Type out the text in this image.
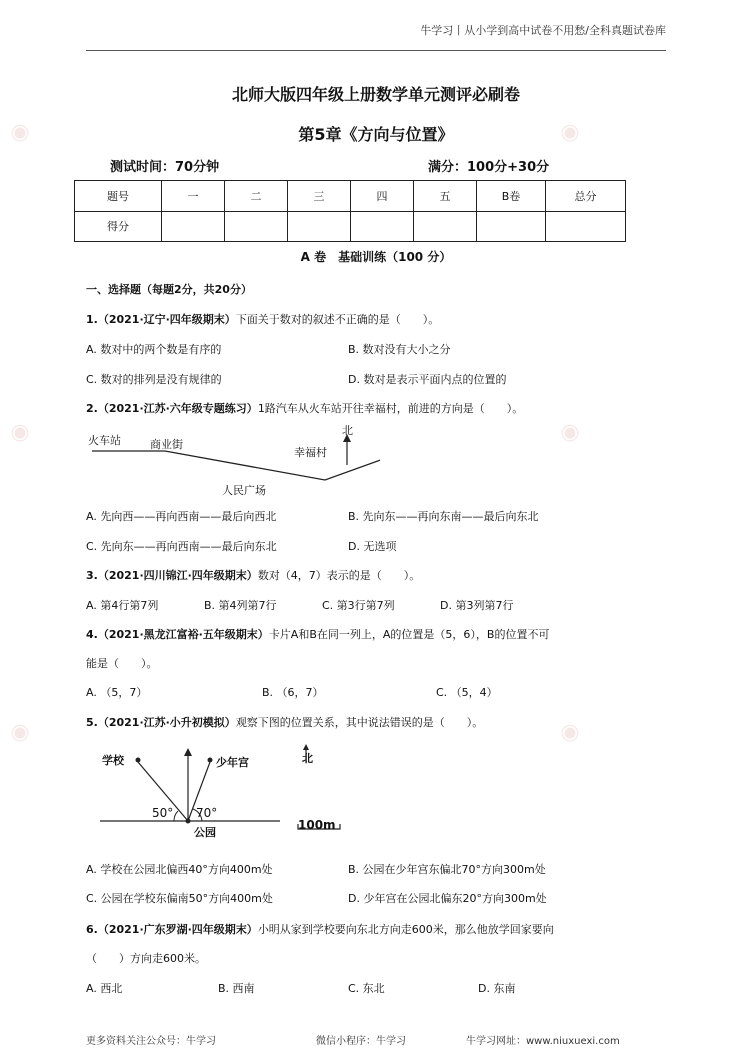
◉	◉
◉	◉
◉	◉
牛学习丨从小学到高中试卷不用愁/全科真题试卷库
北师大版四年级上册数学单元测评必刷卷
第5章《方向与位置》
测试时间：70分钟	满分：100分+30分
题号	一	二	三	四	五	B卷	总分
得分							
A 卷　基础训练（100 分）
一、选择题（每题2分，共20分）
1.（2021·辽宁·四年级期末）下面关于数对的叙述不正确的是（　　）。
A. 数对中的两个数是有序的	B. 数对没有大小之分
C. 数对的排列是没有规律的	D. 数对是表示平面内点的位置的
2.（2021·江苏·六年级专题练习）1路汽车从火车站开往幸福村，前进的方向是（　　）。
火车站	商业街
幸福村
人民广场
北
A. 先向西——再向西南——最后向西北	B. 先向东——再向东南——最后向东北
C. 先向东——再向西南——最后向东北	D. 无选项
3.（2021·四川锦江·四年级期末）数对（4，7）表示的是（　　）。
A. 第4行第7列	B. 第4列第7行	C. 第3行第7列	D. 第3列第7行
4.（2021·黑龙江富裕·五年级期末）卡片A和B在同一列上，A的位置是（5，6），B的位置不可
能是（　　）。
A. （5，7）	B. （6，7）	C. （5，4）
5.（2021·江苏·小升初模拟）观察下图的位置关系，其中说法错误的是（　　）。
学校	少年宫	北
50° 70°
公园
100m
A. 学校在公园北偏西40°方向400m处	B. 公园在少年宫东偏北70°方向300m处
C. 公园在学校东偏南50°方向400m处	D. 少年宫在公园北偏东20°方向300m处
6.（2021·广东罗湖·四年级期末）小明从家到学校要向东北方向走600米，那么他放学回家要向
（　　）方向走600米。
A. 西北	B. 西南	C. 东北	D. 东南
更多资料关注公众号：牛学习	微信小程序：牛学习	牛学习网址：www.niuxuexi.com
